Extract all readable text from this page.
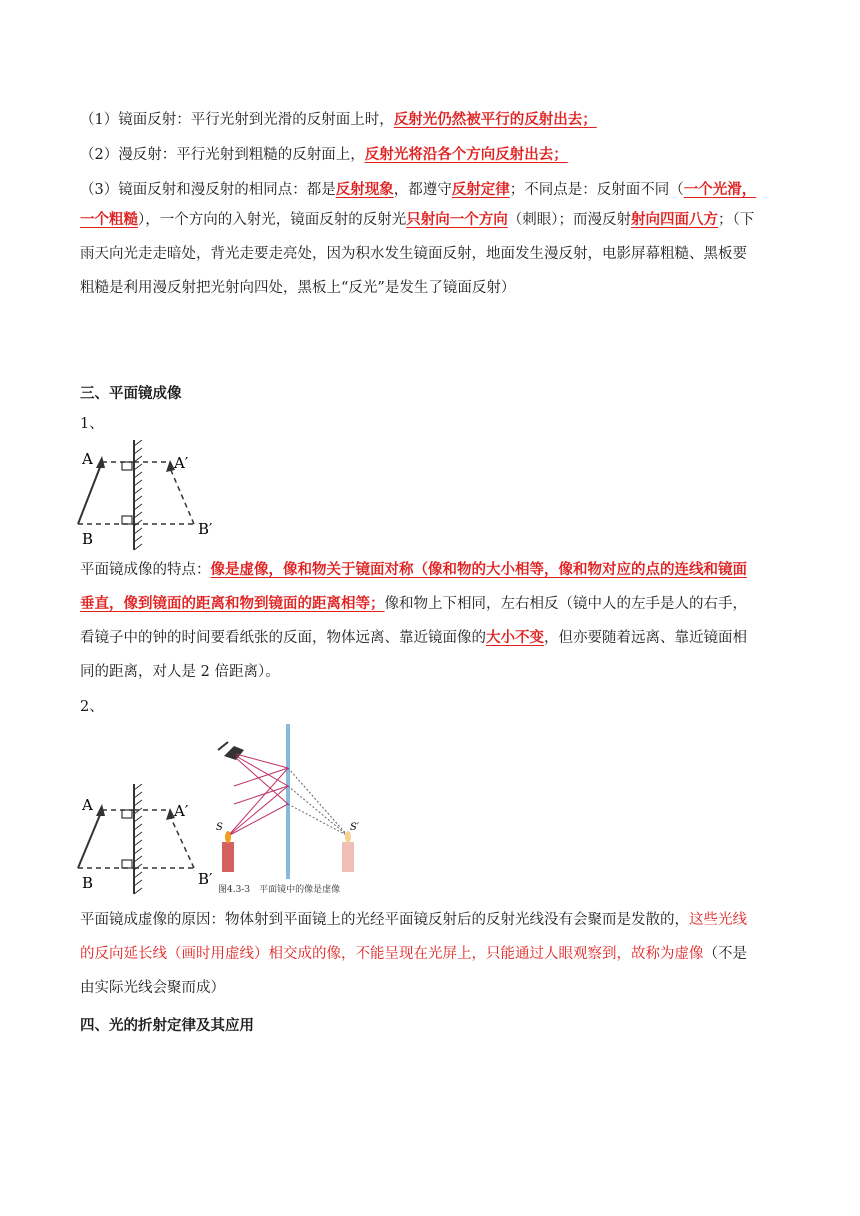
（1）镜面反射：平行光射到光滑的反射面上时，反射光仍然被平行的反射出去；
（2）漫反射：平行光射到粗糙的反射面上，反射光将沿各个方向反射出去；
（3）镜面反射和漫反射的相同点：都是反射现象，都遵守反射定律；不同点是：反射面不同（一个光滑，
一个粗糙），一个方向的入射光，镜面反射的反射光只射向一个方向（刺眼）；而漫反射射向四面八方；（下
雨天向光走走暗处，背光走要走亮处，因为积水发生镜面反射，地面发生漫反射，电影屏幕粗糙、黑板要
粗糙是利用漫反射把光射向四处，黑板上“反光”是发生了镜面反射）
三、平面镜成像
1、
A
B
A′
B′
平面镜成像的特点：像是虚像，像和物关于镜面对称（像和物的大小相等，像和物对应的点的连线和镜面
垂直，像到镜面的距离和物到镜面的距离相等；像和物上下相同，左右相反（镜中人的左手是人的右手，
看镜子中的钟的时间要看纸张的反面，物体远离、靠近镜面像的大小不变，但亦要随着远离、靠近镜面相
同的距离，对人是 2 倍距离）。
2、
A
B
A′
B′
S	S′
图4.3-3　平面镜中的像是虚像
平面镜成虚像的原因：物体射到平面镜上的光经平面镜反射后的反射光线没有会聚而是发散的，这些光线
的反向延长线（画时用虚线）相交成的像，不能呈现在光屏上，只能通过人眼观察到，故称为虚像（不是
由实际光线会聚而成）
四、光的折射定律及其应用
